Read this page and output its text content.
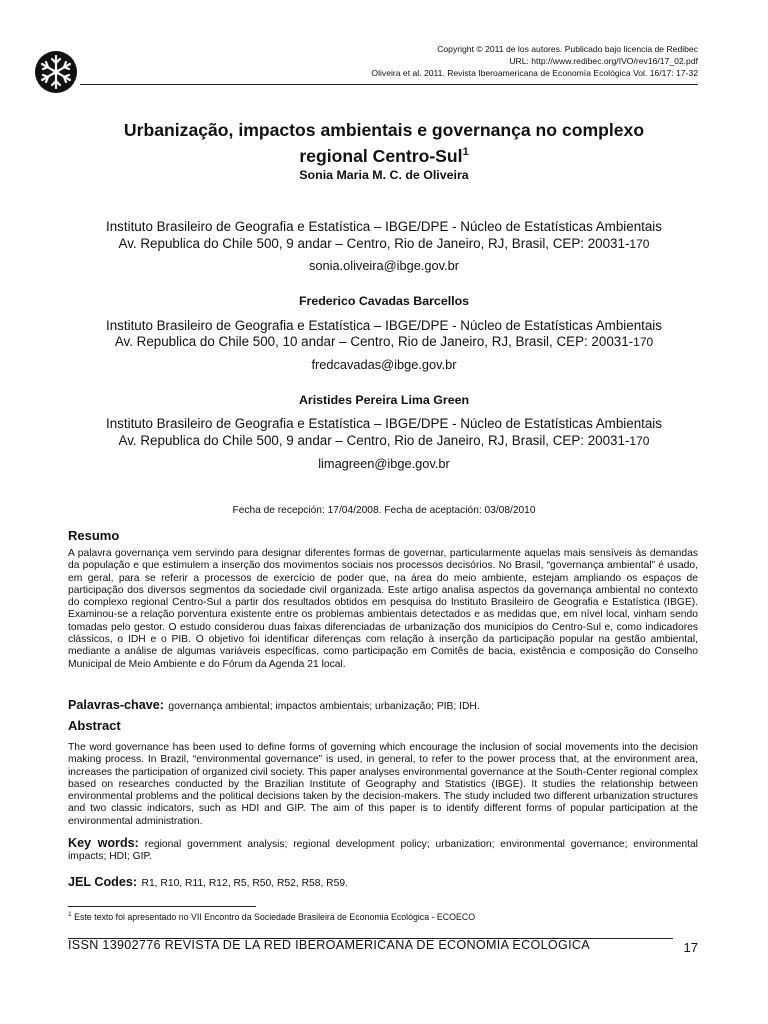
Copyright © 2011 de los autores. Publicado bajo licencia de Redibec
URL: http://www.redibec.org/IVO/rev16/17_02.pdf
Oliveira et al. 2011. Revista Iberoamericana de Economía Ecológica Vol. 16/17: 17-32
Urbanização, impactos ambientais e governança no complexo
regional Centro-Sul$^1$
Sonia Maria M. C. de Oliveira
Instituto Brasileiro de Geografia e Estatística – IBGE/DPE - Núcleo de Estatísticas Ambientais
Av. Republica do Chile 500, 9 andar – Centro, Rio de Janeiro, RJ, Brasil, CEP: 20031-170
sonia.oliveira@ibge.gov.br
Frederico Cavadas Barcellos
Instituto Brasileiro de Geografia e Estatística – IBGE/DPE - Núcleo de Estatísticas Ambientais
Av. Republica do Chile 500, 10 andar – Centro, Rio de Janeiro, RJ, Brasil, CEP: 20031-170
fredcavadas@ibge.gov.br
Aristides Pereira Lima Green
Instituto Brasileiro de Geografia e Estatística – IBGE/DPE - Núcleo de Estatísticas Ambientais
Av. Republica do Chile 500, 9 andar – Centro, Rio de Janeiro, RJ, Brasil, CEP: 20031-170
limagreen@ibge.gov.br
Fecha de recepción: 17/04/2008. Fecha de aceptación: 03/08/2010
Resumo
A palavra governança vem servindo para designar diferentes formas de governar, particularmente aquelas mais sensíveis às demandas da população e que estimulem a inserção dos movimentos sociais nos processos decisórios. No Brasil, “governança ambiental” é usado, em geral, para se referir a processos de exercício de poder que, na área do meio ambiente, estejam ampliando os espaços de participação dos diversos segmentos da sociedade civil organizada. Este artigo analisa aspectos da governança ambiental no contexto do complexo regional Centro-Sul a partir dos resultados obtidos em pesquisa do Instituto Brasileiro de Geografia e Estatística (IBGE). Examinou-se a relação porventura existente entre os problemas ambientais detectados e as medidas que, em nível local, vinham sendo tomadas pelo gestor. O estudo considerou duas faixas diferenciadas de urbanização dos municípios do Centro-Sul e, como indicadores clássicos, o IDH e o PIB. O objetivo foi identificar diferenças com relação à inserção da participação popular na gestão ambiental, mediante a análise de algumas variáveis específicas, como participação em Comitês de bacia, existência e composição do Conselho Municipal de Meio Ambiente e do Fórum da Agenda 21 local.
Palavras-chave: governança ambiental; impactos ambientais; urbanização; PIB; IDH.
Abstract
The word governance has been used to define forms of governing which encourage the inclusion of social movements into the decision making process. In Brazil, “environmental governance” is used, in general, to refer to the power process that, at the environment area, increases the participation of organized civil society. This paper analyses environmental governance at the South-Center regional complex based on researches conducted by the Brazilian Institute of Geography and Statistics (IBGE). It studies the relationship between environmental problems and the political decisions taken by the decision-makers. The study included two different urbanization structures and two classic indicators, such as HDI and GIP. The aim of this paper is to identify different forms of popular participation at the environmental administration.
Key words: regional government analysis; regional development policy; urbanization; environmental governance; environmental impacts; HDI; GIP.
JEL Codes: R1, R10, R11, R12, R5, R50, R52, R58, R59.
$^1$ Este texto foi apresentado no VII Encontro da Sociedade Brasileira de Economia Ecológica - ECOECO
ISSN 13902776 REVISTA DE LA RED IBEROAMERICANA DE ECONOMÍA ECOLÓGICA	17
